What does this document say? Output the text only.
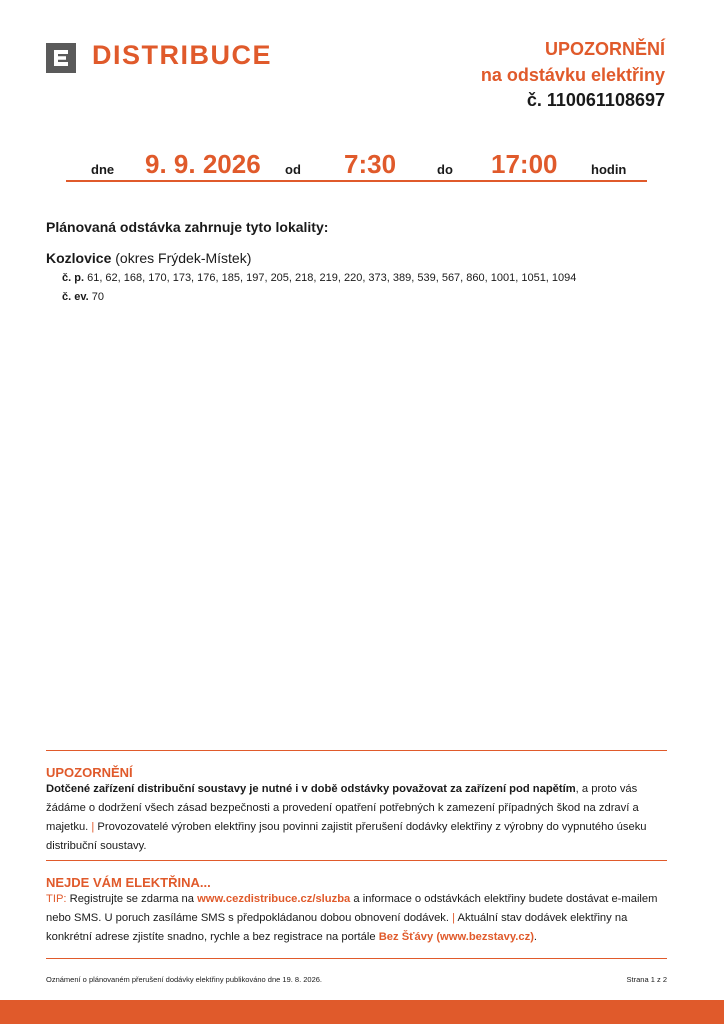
DISTRIBUCE	UPOZORNĚNÍ
na odstávku elektřiny
č. 110061108697
dne 9. 9. 2026 od 7:30	do 17:00	hodin
Plánovaná odstávka zahrnuje tyto lokality:
Kozlovice (okres Frýdek-Místek)
č. p. 61, 62, 168, 170, 173, 176, 185, 197, 205, 218, 219, 220, 373, 389, 539, 567, 860, 1001, 1051, 1094
č. ev. 70
UPOZORNĚNÍ
Dotčené zařízení distribuční soustavy je nutné i v době odstávky považovat za zařízení pod napětím, a proto vás žádáme o dodržení všech zásad bezpečnosti a provedení opatření potřebných k zamezení případných škod na zdraví a majetku. | Provozovatelé výroben elektřiny jsou povinni zajistit přerušení dodávky elektřiny z výrobny do vypnutého úseku distribuční soustavy.
NEJDE VÁM ELEKTŘINA...
TIP: Registrujte se zdarma na www.cezdistribuce.cz/sluzba a informace o odstávkách elektřiny budete dostávat e-mailem nebo SMS. U poruch zasíláme SMS s předpokládanou dobou obnovení dodávek. | Aktuální stav dodávek elektřiny na konkrétní adrese zjistíte snadno, rychle a bez registrace na portále Bez Šťávy (www.bezstavy.cz).
Oznámení o plánovaném přerušení dodávky elektřiny publikováno dne 19. 8. 2026.	Strana 1 z 2
